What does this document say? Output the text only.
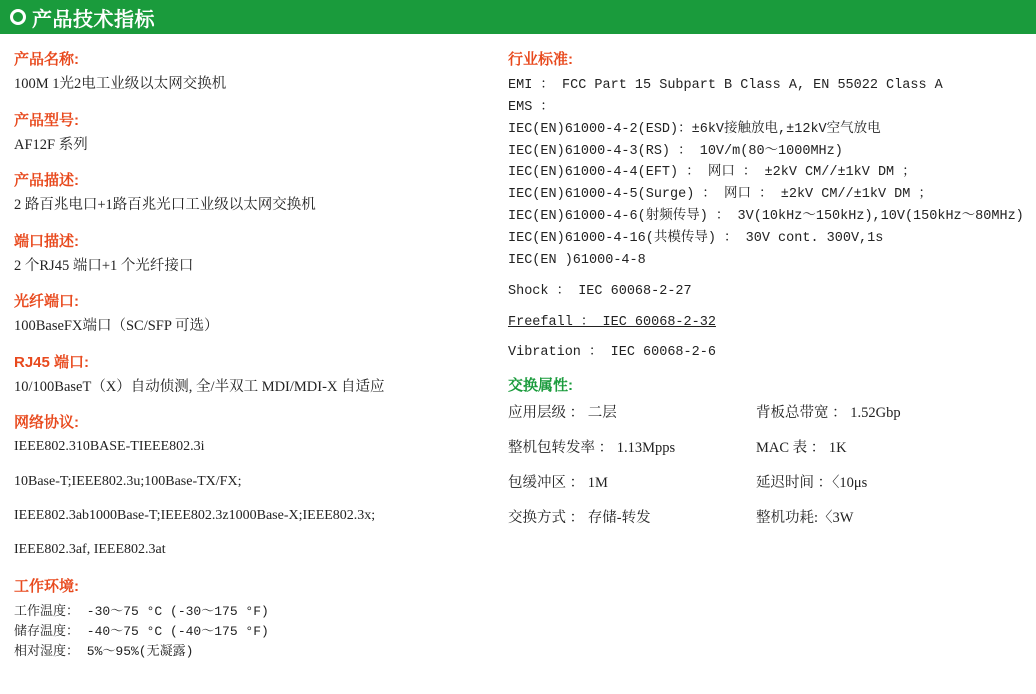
产品技术指标

产品名称:

100M 1光2电工业级以太网交换机

产品型号:

AF12F 系列

产品描述:

2 路百兆电口+1路百兆光口工业级以太网交换机

端口描述:

2 个RJ45 端口+1 个光纤接口

光纤端口:

100BaseFX端口（SC/SFP 可选）

RJ45 端口:

10/100BaseT（X）自动侦测, 全/半双工 MDI/MDI-X 自适应

网络协议:

IEEE802.310BASE-TIEEE802.3i

10Base-T;IEEE802.3u;100Base-TX/FX;

IEEE802.3ab1000Base-T;IEEE802.3z1000Base-X;IEEE802.3x;

IEEE802.3af, IEEE802.3at

工作环境:

工作温度： -30～75 °C (-30～175 °F)

储存温度： -40～75 °C (-40～175 °F)

相对湿度： 5%～95%(无凝露)

行业标准:

EMI ： FCC Part 15 Subpart B Class A, EN 55022 Class A

EMS ：

IEC(EN)61000-4-2(ESD)：±6kV接触放电,±12kV空气放电

IEC(EN)61000-4-3(RS) ： 10V/m(80～1000MHz)

IEC(EN)61000-4-4(EFT) ： 网口 ： ±2kV CM//±1kV DM ；

IEC(EN)61000-4-5(Surge) ： 网口 ： ±2kV CM//±1kV DM ；

IEC(EN)61000-4-6(射频传导) ： 3V(10kHz～150kHz),10V(150kHz～80MHz)

IEC(EN)61000-4-16(共模传导) ： 30V cont. 300V,1s

IEC(EN )61000-4-8

Shock ： IEC 60068-2-27

Freefall ： IEC 60068-2-32

Vibration ： IEC 60068-2-6

交换属性:

应用层级 ： 二层	背板总带宽 ： 1.52Gbp
整机包转发率 ： 1.13Mpps	MAC 表 ： 1K
包缓冲区 ： 1M	延迟时间 ：〈10μs
交换方式 ： 存储-转发	整机功耗:〈3W
